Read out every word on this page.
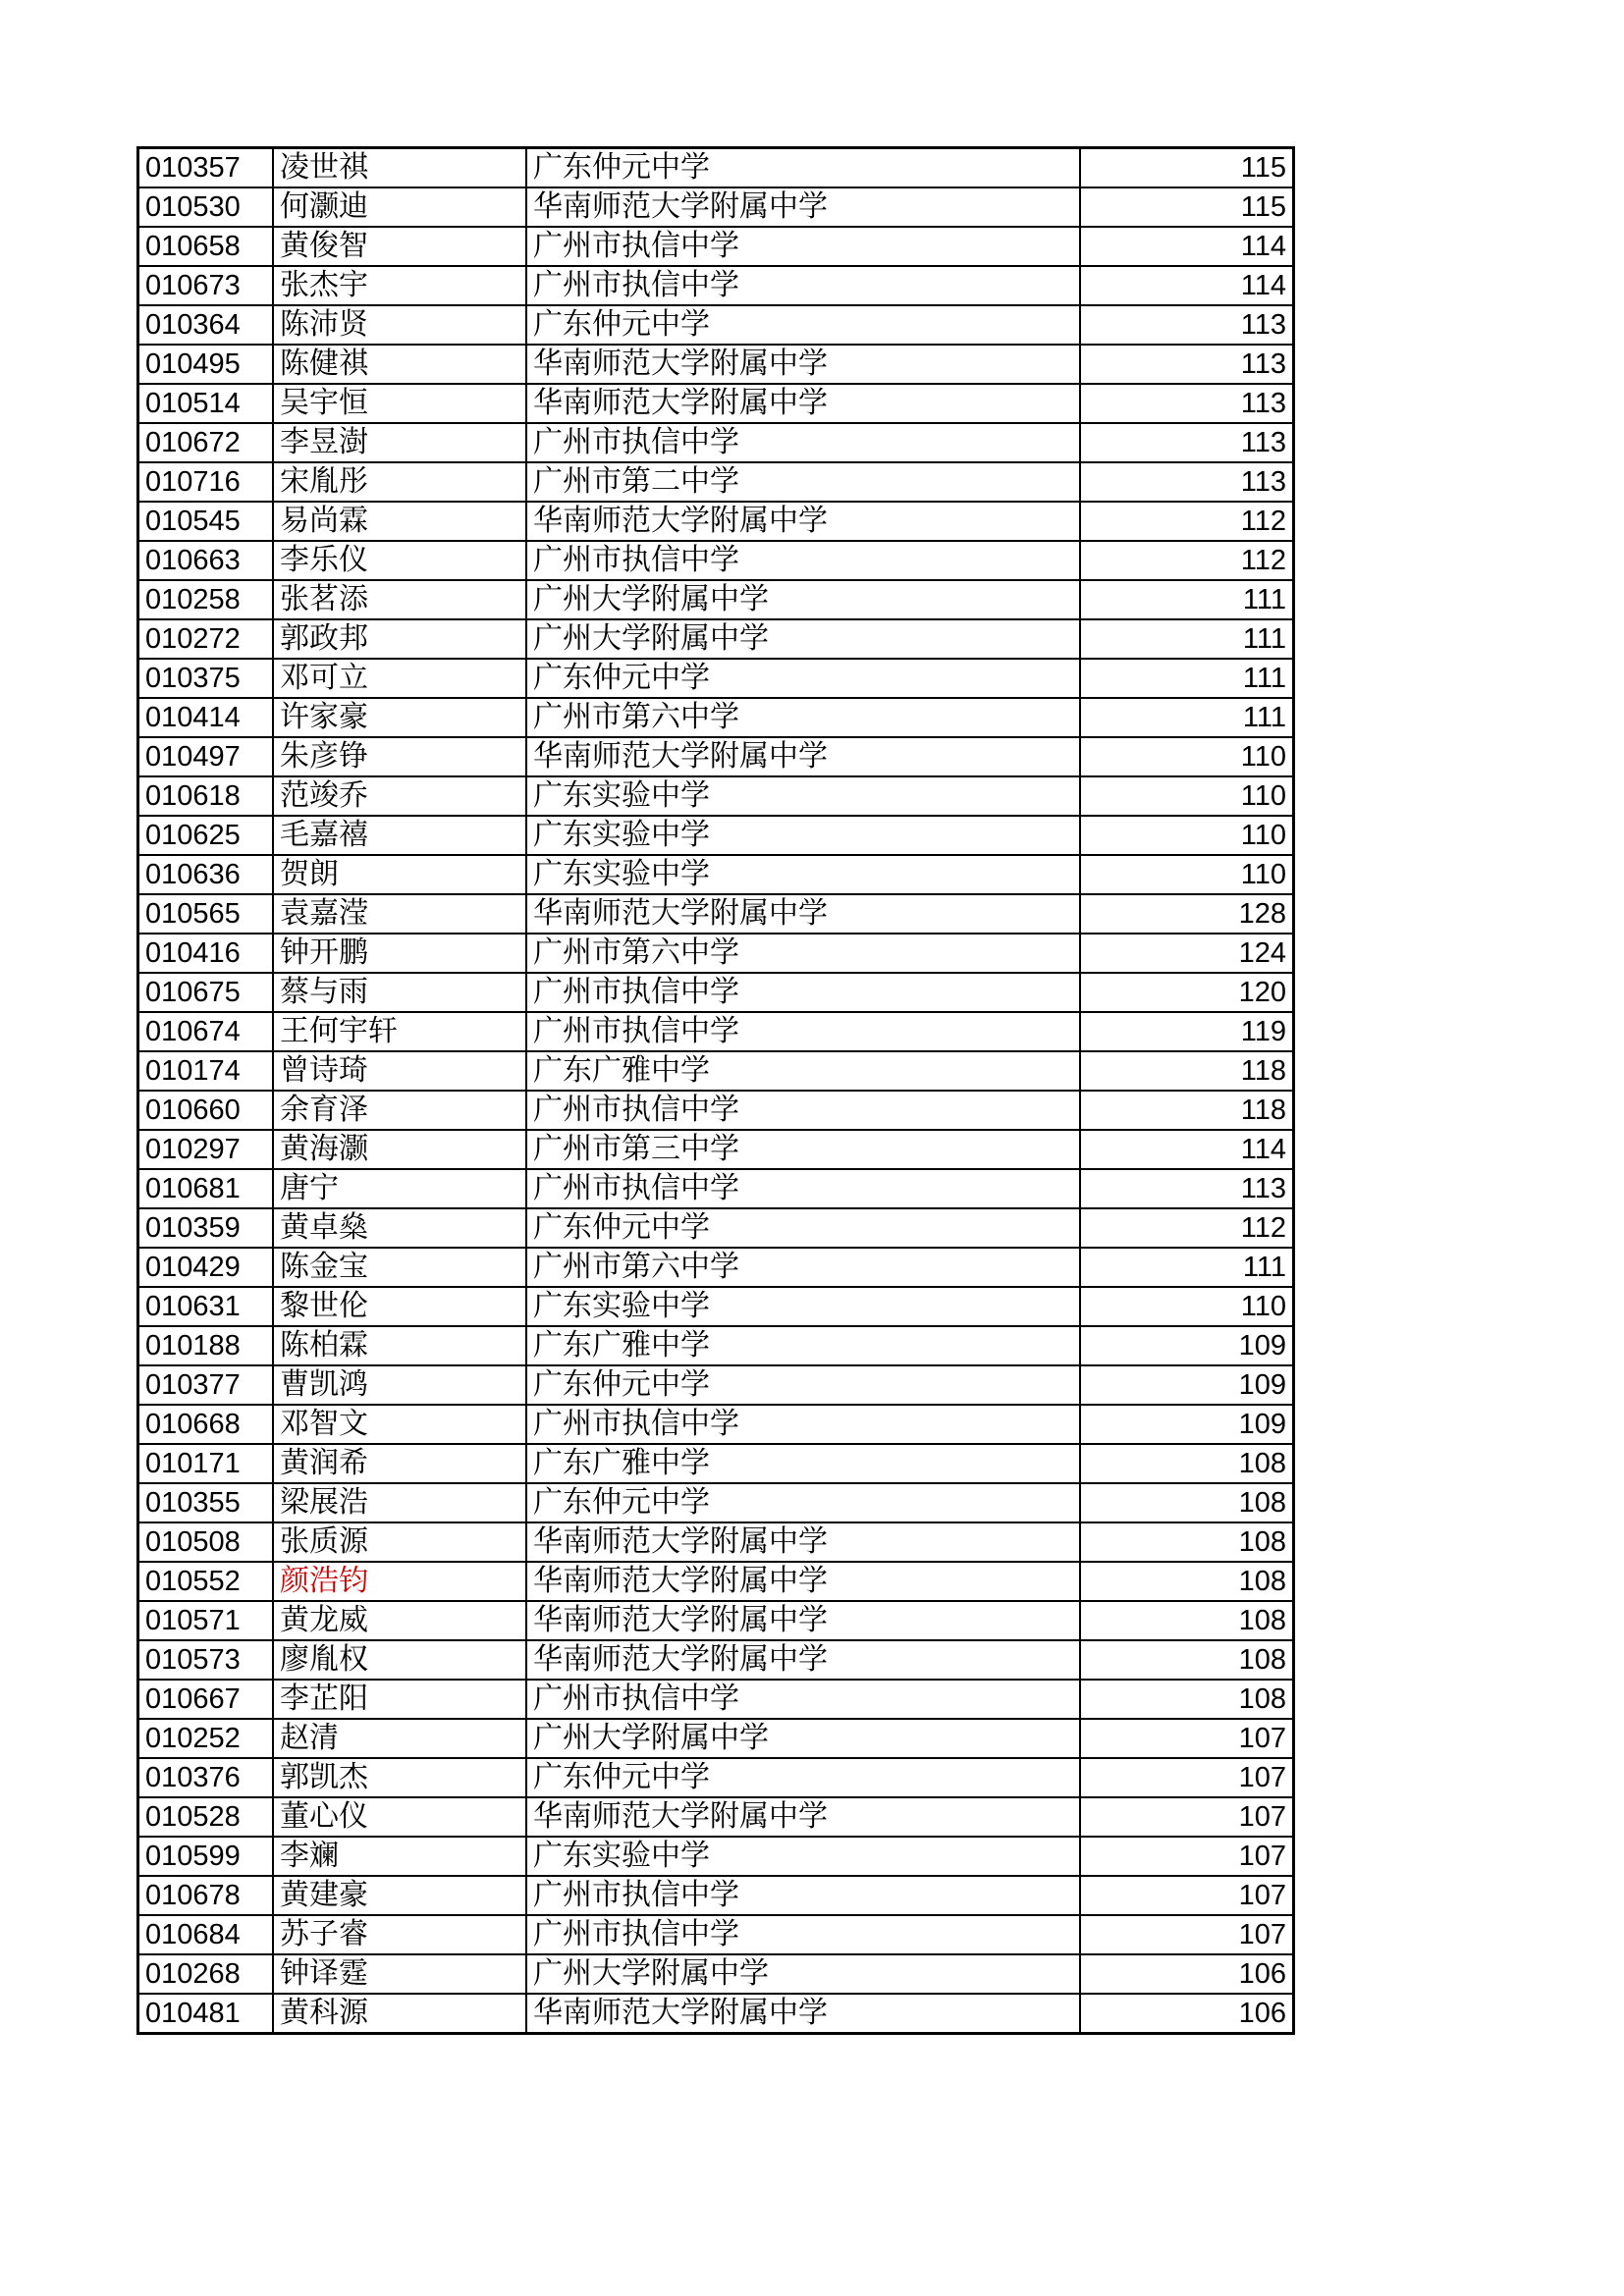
010357	凌世祺	广东仲元中学	115
010530	何灏迪	华南师范大学附属中学	115
010658	黄俊智	广州市执信中学	114
010673	张杰宇	广州市执信中学	114
010364	陈沛贤	广东仲元中学	113
010495	陈健祺	华南师范大学附属中学	113
010514	吴宇恒	华南师范大学附属中学	113
010672	李昱澍	广州市执信中学	113
010716	宋胤彤	广州市第二中学	113
010545	易尚霖	华南师范大学附属中学	112
010663	李乐仪	广州市执信中学	112
010258	张茗添	广州大学附属中学	111
010272	郭政邦	广州大学附属中学	111
010375	邓可立	广东仲元中学	111
010414	许家豪	广州市第六中学	111
010497	朱彦铮	华南师范大学附属中学	110
010618	范竣乔	广东实验中学	110
010625	毛嘉禧	广东实验中学	110
010636	贺朗	广东实验中学	110
010565	袁嘉滢	华南师范大学附属中学	128
010416	钟开鹏	广州市第六中学	124
010675	蔡与雨	广州市执信中学	120
010674	王何宇轩	广州市执信中学	119
010174	曾诗琦	广东广雅中学	118
010660	余育泽	广州市执信中学	118
010297	黄海灏	广州市第三中学	114
010681	唐宁	广州市执信中学	113
010359	黄卓燊	广东仲元中学	112
010429	陈金宝	广州市第六中学	111
010631	黎世伦	广东实验中学	110
010188	陈柏霖	广东广雅中学	109
010377	曹凯鸿	广东仲元中学	109
010668	邓智文	广州市执信中学	109
010171	黄润希	广东广雅中学	108
010355	梁展浩	广东仲元中学	108
010508	张质源	华南师范大学附属中学	108
010552	颜浩钧	华南师范大学附属中学	108
010571	黄龙威	华南师范大学附属中学	108
010573	廖胤权	华南师范大学附属中学	108
010667	李芷阳	广州市执信中学	108
010252	赵清	广州大学附属中学	107
010376	郭凯杰	广东仲元中学	107
010528	董心仪	华南师范大学附属中学	107
010599	李斓	广东实验中学	107
010678	黄建豪	广州市执信中学	107
010684	苏子睿	广州市执信中学	107
010268	钟译霆	广州大学附属中学	106
010481	黄科源	华南师范大学附属中学	106
